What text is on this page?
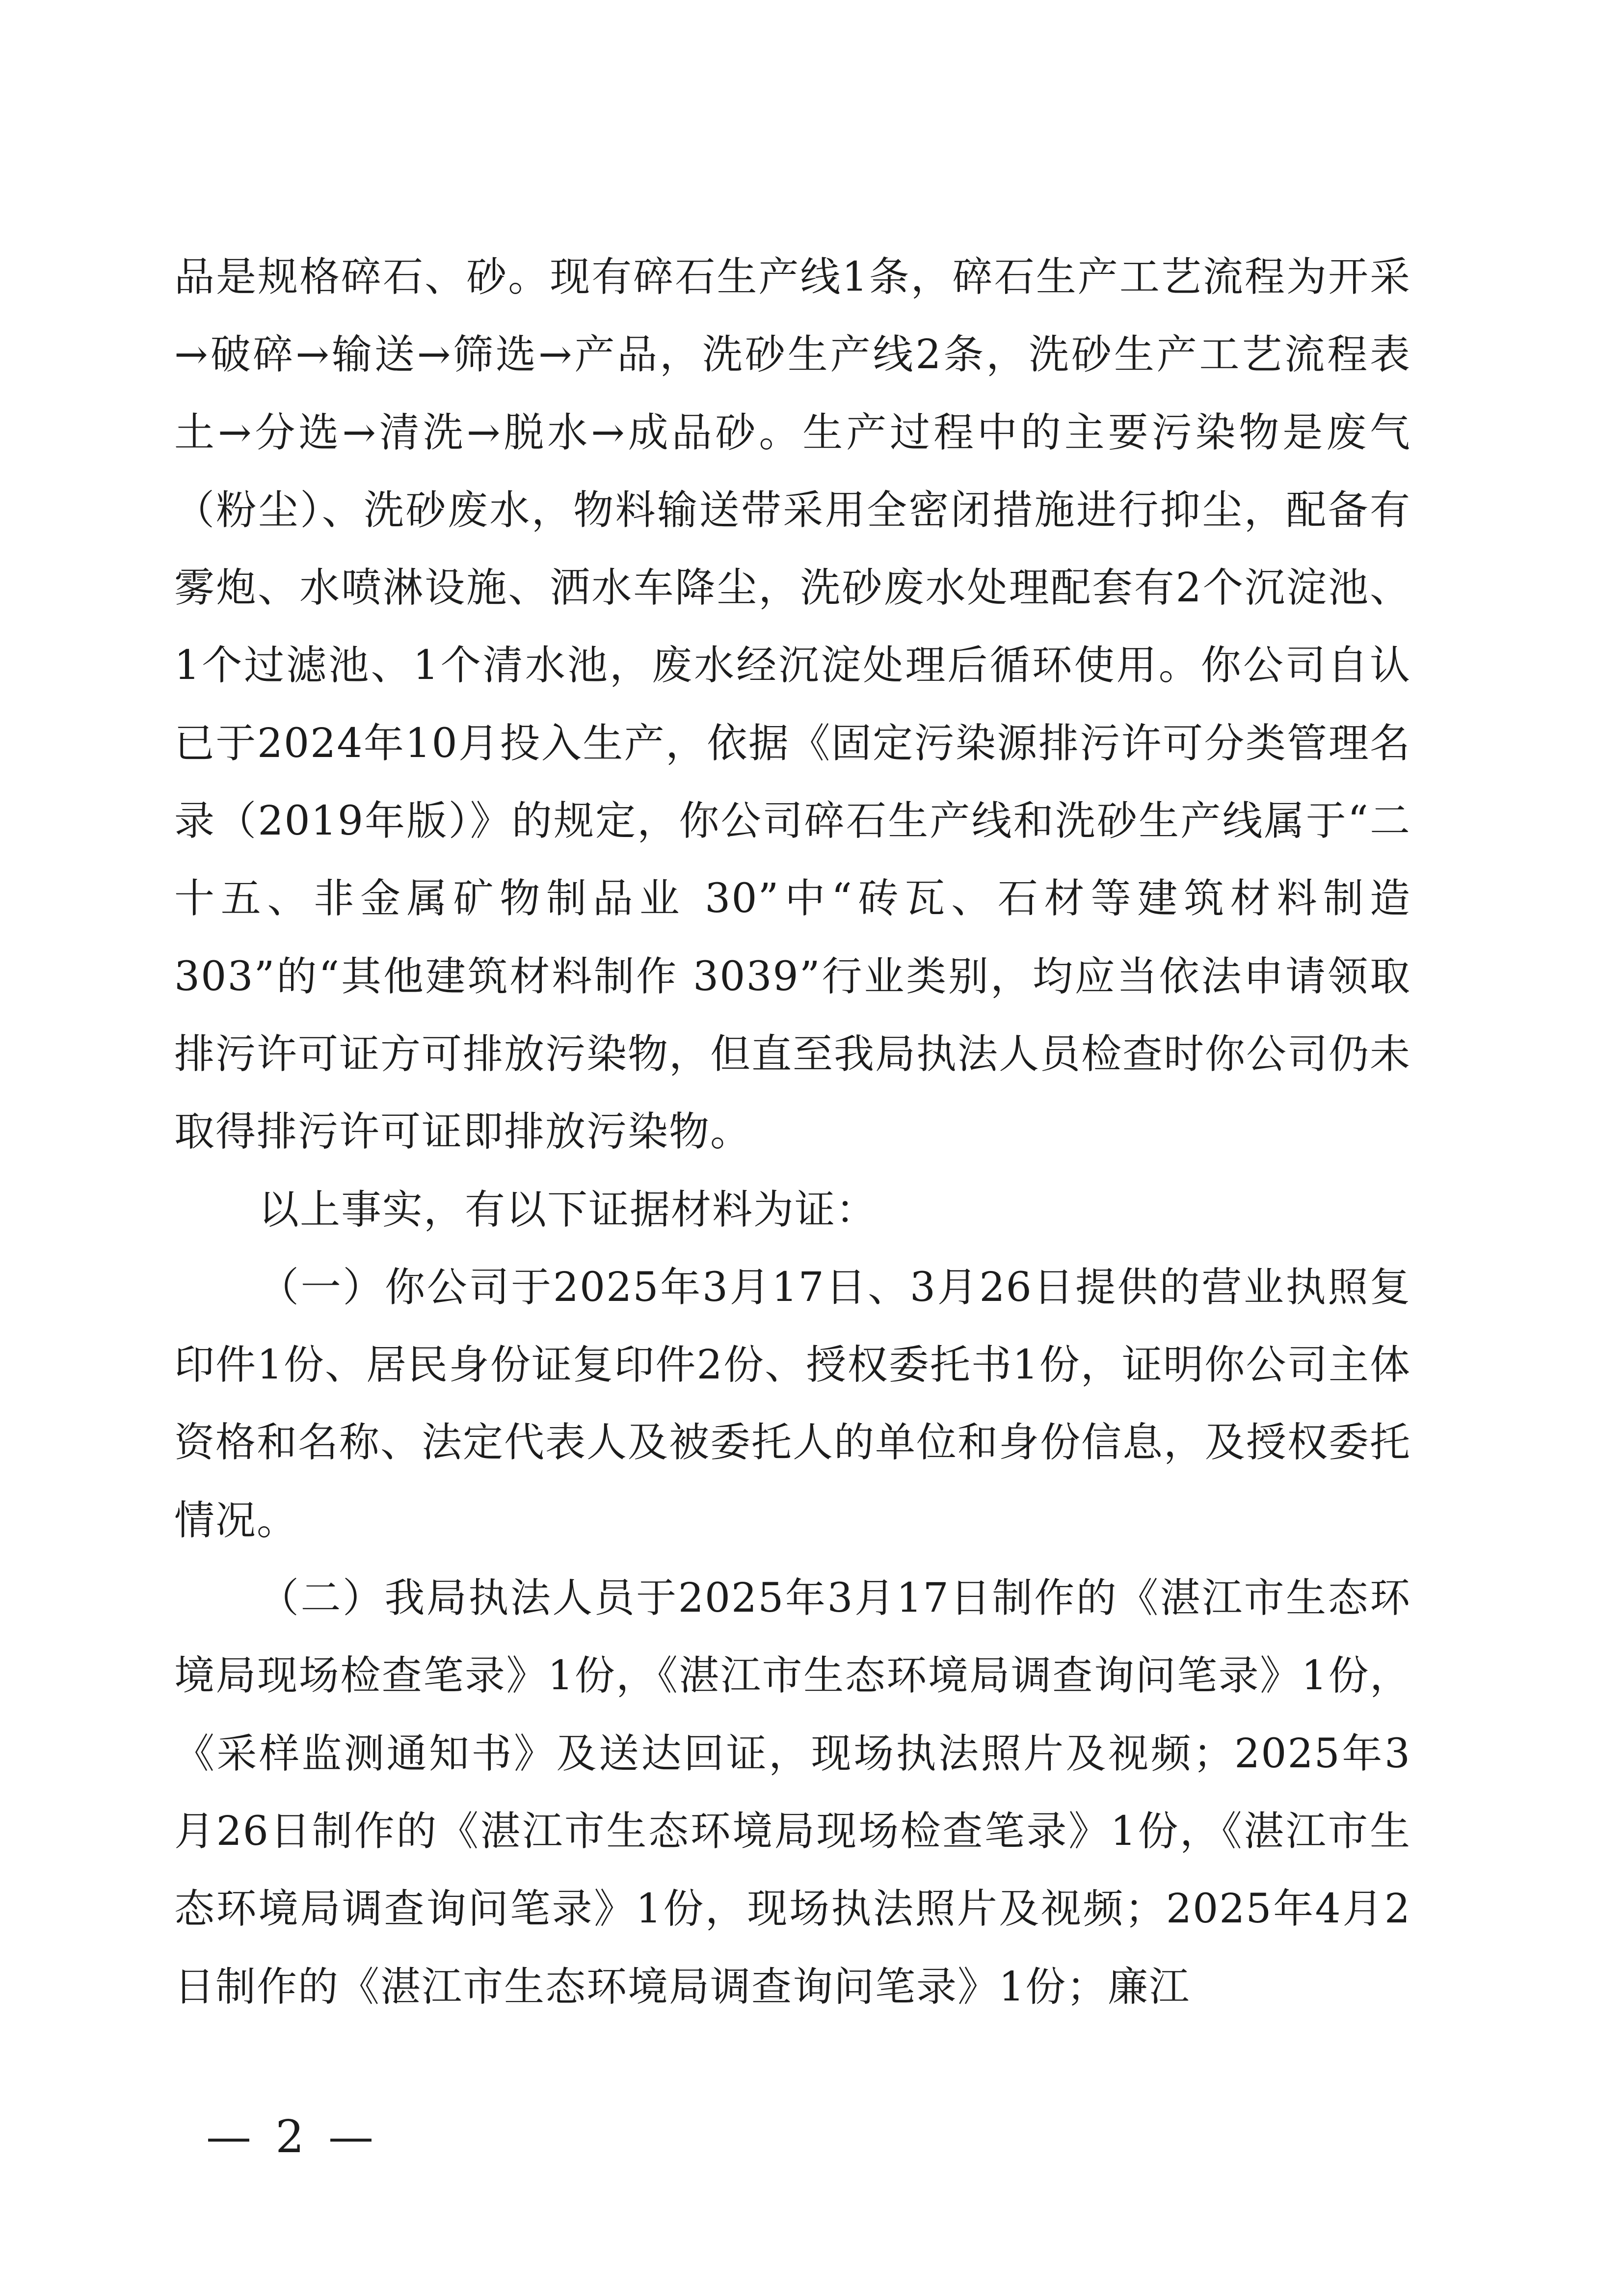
品是规格碎石、砂。现有碎石生产线1条，碎石生产工艺流程为开采→破碎→输送→筛选→产品，洗砂生产线2条，洗砂生产工艺流程表土→分选→清洗→脱水→成品砂。生产过程中的主要污染物是废气（粉尘）、洗砂废水，物料输送带采用全密闭措施进行抑尘，配备有雾炮、水喷淋设施、洒水车降尘，洗砂废水处理配套有2个沉淀池、1个过滤池、1个清水池，废水经沉淀处理后循环使用。你公司自认已于2024年10月投入生产，依据《固定污染源排污许可分类管理名录（2019年版）》的规定，你公司碎石生产线和洗砂生产线属于“二十五、非金属矿物制品业 30”中“砖瓦、石材等建筑材料制造 303”的“其他建筑材料制作 3039”行业类别，均应当依法申请领取排污许可证方可排放污染物，但直至我局执法人员检查时你公司仍未取得排污许可证即排放污染物。

以上事实，有以下证据材料为证：

（一）你公司于2025年3月17日、3月26日提供的营业执照复印件1份、居民身份证复印件2份、授权委托书1份，证明你公司主体资格和名称、法定代表人及被委托人的单位和身份信息，及授权委托情况。

（二）我局执法人员于2025年3月17日制作的《湛江市生态环境局现场检查笔录》1份，《湛江市生态环境局调查询问笔录》1份，《采样监测通知书》及送达回证，现场执法照片及视频；2025年3月26日制作的《湛江市生态环境局现场检查笔录》1份，《湛江市生态环境局调查询问笔录》1份，现场执法照片及视频；2025年4月2日制作的《湛江市生态环境局调查询问笔录》1份；廉江

— 2 —
